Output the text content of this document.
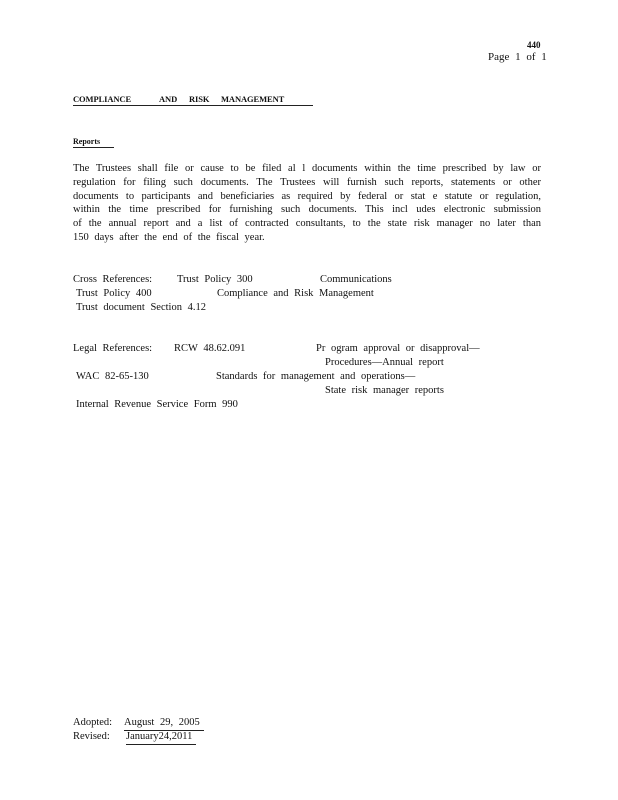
440
Page 1 of 1
COMPLIANCE	AND RISK MANAGEMENT
Reports
The Trustees shall file or cause to be filed al l documents within the time prescribed by law or
regulation for filing such documents. The Trustees will furnish such reports, statements or other
documents to participants and beneficiaries as required by federal or stat e statute or regulation,
within the time prescribed for furnishing such documents. This incl udes electronic submission
of the annual report and a list of contracted consultants, to the state risk manager no later than
150 days after the end of the fiscal year.
Cross References: Trust Policy 300	Communications
Trust Policy 400	Compliance and Risk Management
Trust document Section 4.12
Legal References: RCW 48.62.091	Pr ogram approval or disapproval—
Procedures—Annual report
WAC 82-65-130	Standards for management and operations—
State risk manager reports
Internal Revenue Service Form 990
Adopted: August 29, 2005
Revised: January24,2011
